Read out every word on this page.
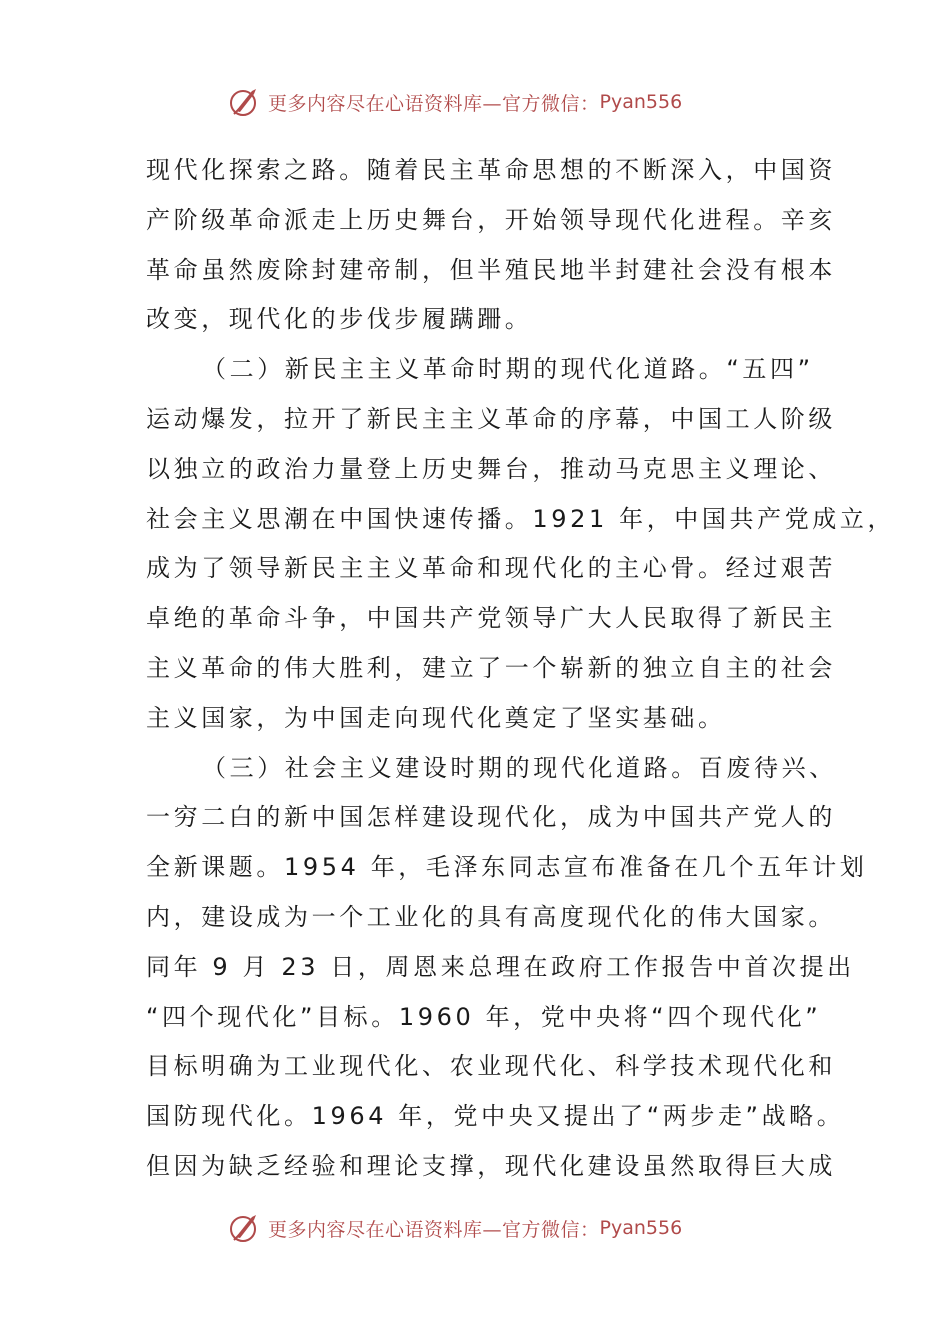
更多内容尽在心语资料库—官方微信： Pyan556
现代化探索之路。随着民主革命思想的不断深入，中国资
产阶级革命派走上历史舞台，开始领导现代化进程。辛亥
革命虽然废除封建帝制，但半殖民地半封建社会没有根本
改变，现代化的步伐步履蹒跚。
（二）新民主主义革命时期的现代化道路。“五四”
运动爆发，拉开了新民主主义革命的序幕，中国工人阶级
以独立的政治力量登上历史舞台，推动马克思主义理论、
社会主义思潮在中国快速传播。1921 年，中国共产党成立，
成为了领导新民主主义革命和现代化的主心骨。经过艰苦
卓绝的革命斗争，中国共产党领导广大人民取得了新民主
主义革命的伟大胜利，建立了一个崭新的独立自主的社会
主义国家，为中国走向现代化奠定了坚实基础。
（三）社会主义建设时期的现代化道路。百废待兴、
一穷二白的新中国怎样建设现代化，成为中国共产党人的
全新课题。1954 年，毛泽东同志宣布准备在几个五年计划
内，建设成为一个工业化的具有高度现代化的伟大国家。
同年 9 月 23 日，周恩来总理在政府工作报告中首次提出
“四个现代化”目标。1960 年，党中央将“四个现代化”
目标明确为工业现代化、农业现代化、科学技术现代化和
国防现代化。1964 年，党中央又提出了“两步走”战略。
但因为缺乏经验和理论支撑，现代化建设虽然取得巨大成
更多内容尽在心语资料库—官方微信： Pyan556
